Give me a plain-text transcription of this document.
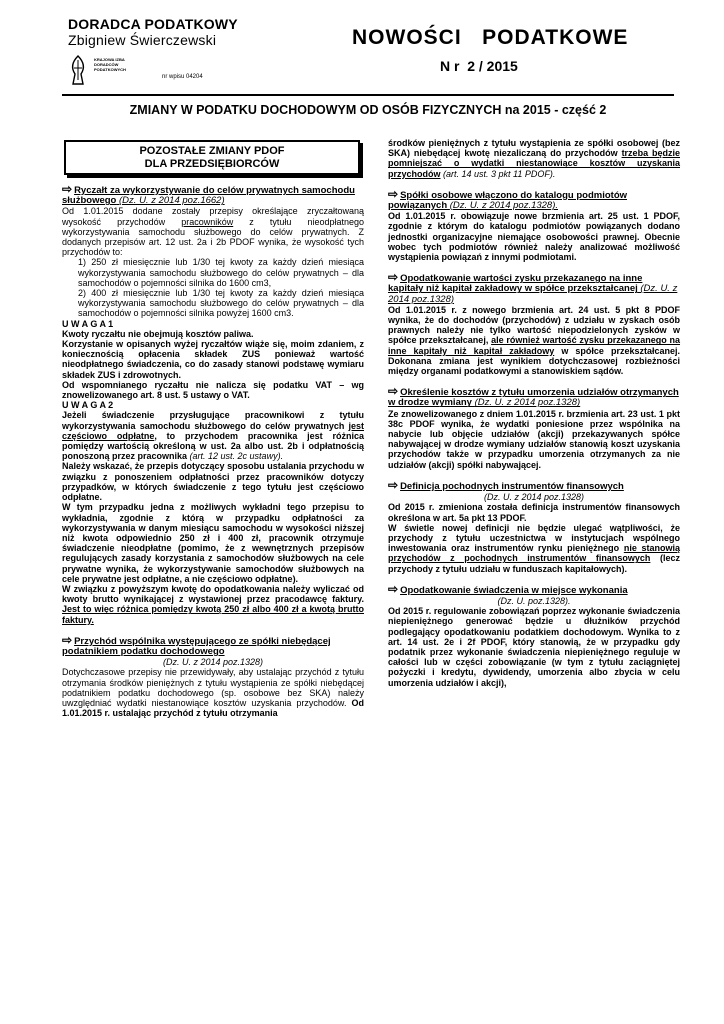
DORADCA PODATKOWY
Zbigniew Świerczewski
KRAJOWA IZBA DORADCÓW PODATKOWYCH
nr wpisu 04204
NOWOŚCI   PODATKOWE
N r  2 / 2015
ZMIANY W PODATKU DOCHODOWYM OD OSÓB FIZYCZNYCH na 2015 - część 2
POZOSTAŁE ZMIANY PDOF
DLA PRZEDSIĘBIORCÓW

⇨ Ryczałt za wykorzystywanie do celów prywatnych samochodu służbowego (Dz. U. z 2014 poz.1662)

Od 1.01.2015 dodane zostały przepisy określające zryczałtowaną wysokość przychodów pracowników z tytułu nieodpłatnego wykorzystywania samochodu służbowego do celów prywatnych. Z dodanych przepisów art. 12 ust. 2a i 2b PDOF wynika, że wysokość tych przychodów to:

1) 250 zł miesięcznie lub 1/30 tej kwoty za każdy dzień miesiąca wykorzystywania samochodu służbowego do celów prywatnych – dla samochodów o pojemności silnika do 1600 cm3,

2) 400 zł miesięcznie lub 1/30 tej kwoty za każdy dzień miesiąca wykorzystywania samochodu służbowego do celów prywatnych – dla samochodów o pojemności silnika powyżej 1600 cm3.

U W A G A 1

Kwoty ryczałtu nie obejmują kosztów paliwa.

Korzystanie w opisanych wyżej ryczałtów wiąże się, moim zdaniem, z koniecznością opłacenia składek ZUS ponieważ wartość nieodpłatnego świadczenia, co do zasady stanowi podstawę wymiaru składek ZUS i zdrowotnych.

Od wspomnianego ryczałtu nie nalicza się podatku VAT – wg znowelizowanego art. 8 ust. 5 ustawy o VAT.

U W A G A 2

Jeżeli świadczenie przysługujące pracownikowi z tytułu wykorzystywania samochodu służbowego do celów prywatnych jest częściowo odpłatne, to przychodem pracownika jest różnica pomiędzy wartością określoną w ust. 2a albo ust. 2b i odpłatnością ponoszoną przez pracownika (art. 12 ust. 2c ustawy).

Należy wskazać, że przepis dotyczący sposobu ustalania przychodu w związku z ponoszeniem odpłatności przez pracowników dotyczy przypadków, w których świadczenie z tego tytułu jest częściowo odpłatne.

W tym przypadku jedna z możliwych wykładni tego przepisu to wykładnia, zgodnie z którą w przypadku odpłatności za wykorzystywania w danym miesiącu samochodu w wysokości niższej niż kwota odpowiednio 250 zł i 400 zł, pracownik otrzymuje świadczenie nieodpłatne (pomimo, że z wewnętrznych przepisów regulujących zasady korzystania z samochodów służbowych na cele prywatne wynika, że wykorzystywanie samochodów służbowych na cele prywatne jest odpłatne, a nie częściowo odpłatne).

W związku z powyższym kwotę do opodatkowania należy wyliczać od kwoty brutto wynikającej z wystawionej przez pracodawcę faktury. Jest to więc różnica pomiędzy kwotą 250 zł albo 400 zł a kwotą brutto faktury.

⇨ Przychód wspólnika występującego ze spółki niebędącej podatnikiem podatku dochodowego

(Dz. U. z 2014 poz.1328)

Dotychczasowe przepisy nie przewidywały, aby ustalając przychód z tytułu otrzymania środków pieniężnych z tytułu wystąpienia ze spółki niebędącej podatnikiem podatku dochodowego (sp. osobowe bez SKA) należy uwzględniać wydatki niestanowiące kosztów uzyskania przychodów. Od 1.01.2015 r. ustalając przychód z tytułu otrzymania

środków pieniężnych z tytułu wystąpienia ze spółki osobowej (bez SKA) niebędącej kwotę niezaliczaną do przychodów trzeba będzie pomniejszać o wydatki niestanowiące kosztów uzyskania przychodów (art. 14 ust. 3 pkt 11 PDOF).

⇨ Spółki osobowe włączono do katalogu podmiotów powiązanych (Dz. U. z 2014 poz.1328).

Od 1.01.2015 r. obowiązuje nowe brzmienia art. 25 ust. 1 PDOF, zgodnie z którym do katalogu podmiotów powiązanych dodano jednostki organizacyjne niemające osobowości prawnej. Obecnie wobec tych podmiotów również należy analizować możliwość wystąpienia powiązań z innymi podmiotami.

⇨ Opodatkowanie wartości zysku przekazanego na inne kapitały niż kapitał zakładowy w spółce przekształcanej (Dz. U. z 2014 poz.1328)

Od 1.01.2015 r. z nowego brzmienia art. 24 ust. 5 pkt 8 PDOF wynika, że do dochodów (przychodów) z udziału w zyskach osób prawnych należy nie tylko wartość niepodzielonych zysków w spółce przekształcanej, ale również wartość zysku przekazanego na inne kapitały niż kapitał zakładowy w spółce przekształcanej. Dokonana zmiana jest wynikiem dotychczasowej rozbieżności między organami podatkowymi a stanowiskiem sądów.

⇨ Określenie kosztów z tytułu umorzenia udziałów otrzymanych w drodze wymiany (Dz. U. z 2014 poz.1328)

Ze znowelizowanego z dniem 1.01.2015 r. brzmienia art. 23 ust. 1 pkt 38c PDOF wynika, że wydatki poniesione przez wspólnika na nabycie lub objęcie udziałów (akcji) przekazywanych spółce nabywającej w drodze wymiany udziałów stanowią koszt uzyskania przychodów także w przypadku umorzenia otrzymanych za nie udziałów (akcji) spółki nabywającej.

⇨ Definicja pochodnych instrumentów finansowych

(Dz. U. z 2014 poz.1328)

Od 2015 r. zmieniona została definicja instrumentów finansowych określona w art. 5a pkt 13 PDOF.

W świetle nowej definicji nie będzie ulegać wątpliwości, że przychody z tytułu uczestnictwa w instytucjach wspólnego inwestowania oraz instrumentów rynku pieniężnego nie stanowią przychodów z pochodnych instrumentów finansowych (lecz przychody z tytułu udziału w funduszach kapitałowych).

⇨ Opodatkowanie świadczenia w miejsce wykonania

(Dz. U. poz.1328).

Od 2015 r. regulowanie zobowiązań poprzez wykonanie świadczenia niepieniężnego generować będzie u dłużników przychód podlegający opodatkowaniu podatkiem dochodowym. Wynika to z art. 14 ust. 2e i 2f PDOF, który stanowią, że w przypadku gdy podatnik przez wykonanie świadczenia niepieniężnego reguluje w całości lub w części zobowiązanie (w tym z tytułu zaciągniętej pożyczki i kredytu, dywidendy, umorzenia albo zbycia w celu umorzenia udziałów i akcji),
